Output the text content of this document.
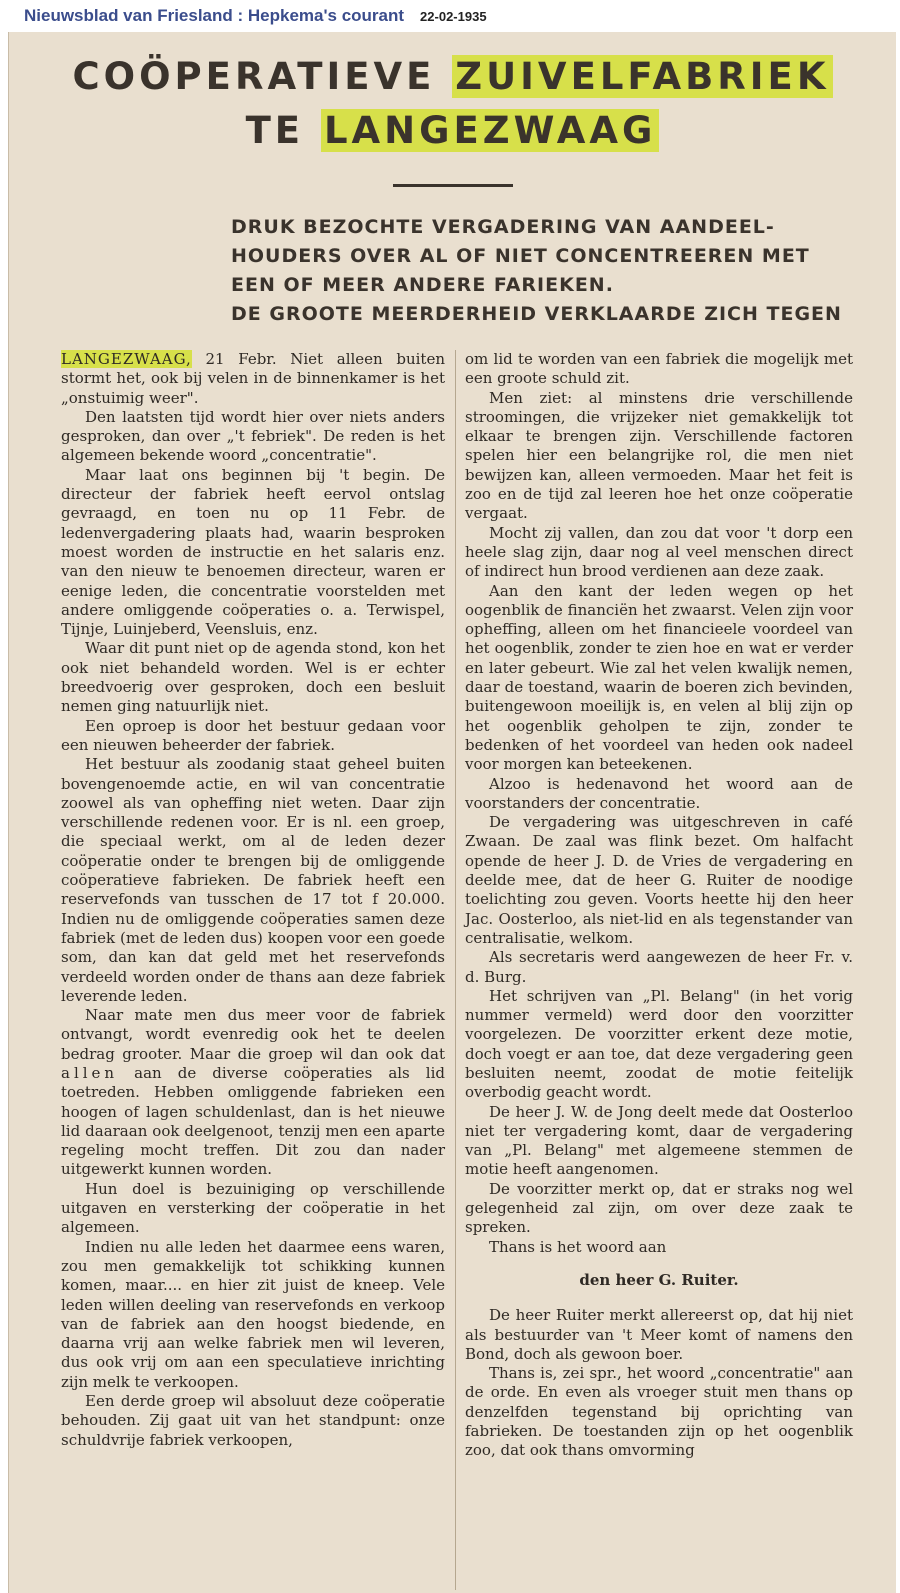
Nieuwsblad van Friesland : Hepkema's courant 22-02-1935
COÖPERATIEVE ZUIVELFABRIEK
TE LANGEZWAAG
DRUK BEZOCHTE VERGADERING VAN AANDEEL-
HOUDERS OVER AL OF NIET CONCENTREEREN MET
EEN OF MEER ANDERE FARIEKEN.
DE GROOTE MEERDERHEID VERKLAARDE ZICH TEGEN

LANGEZWAAG, 21 Febr. Niet alleen buiten stormt het, ook bij velen in de binnenkamer is het „onstuimig weer".

Den laatsten tijd wordt hier over niets anders gesproken, dan over „'t febriek". De reden is het algemeen bekende woord „concentratie".

Maar laat ons beginnen bij 't begin. De directeur der fabriek heeft eervol ontslag gevraagd, en toen nu op 11 Febr. de ledenvergadering plaats had, waarin besproken moest worden de instructie en het salaris enz. van den nieuw te benoemen directeur, waren er eenige leden, die concentratie voorstelden met andere omliggende coöperaties o. a. Terwispel, Tijnje, Luinjeberd, Veensluis, enz.

Waar dit punt niet op de agenda stond, kon het ook niet behandeld worden. Wel is er echter breedvoerig over gesproken, doch een besluit nemen ging natuurlijk niet.

Een oproep is door het bestuur gedaan voor een nieuwen beheerder der fabriek.

Het bestuur als zoodanig staat geheel buiten bovengenoemde actie, en wil van concentratie zoowel als van opheffing niet weten. Daar zijn verschillende redenen voor. Er is nl. een groep, die speciaal werkt, om al de leden dezer coöperatie onder te brengen bij de omliggende coöperatieve fabrieken. De fabriek heeft een reservefonds van tusschen de 17 tot f 20.000. Indien nu de omliggende coöperaties samen deze fabriek (met de leden dus) koopen voor een goede som, dan kan dat geld met het reservefonds verdeeld worden onder de thans aan deze fabriek leverende leden.

Naar mate men dus meer voor de fabriek ontvangt, wordt evenredig ook het te deelen bedrag grooter. Maar die groep wil dan ook dat allen aan de diverse coöperaties als lid toetreden. Hebben omliggende fabrieken een hoogen of lagen schuldenlast, dan is het nieuwe lid daaraan ook deelgenoot, tenzij men een aparte regeling mocht treffen. Dit zou dan nader uitgewerkt kunnen worden.

Hun doel is bezuiniging op verschillende uitgaven en versterking der coöperatie in het algemeen.

Indien nu alle leden het daarmee eens waren, zou men gemakkelijk tot schikking kunnen komen, maar.... en hier zit juist de kneep. Vele leden willen deeling van reservefonds en verkoop van de fabriek aan den hoogst biedende, en daarna vrij aan welke fabriek men wil leveren, dus ook vrij om aan een speculatieve inrichting zijn melk te verkoopen.

Een derde groep wil absoluut deze coöperatie behouden. Zij gaat uit van het standpunt: onze schuldvrije fabriek verkoopen,

om lid te worden van een fabriek die mogelijk met een groote schuld zit.

Men ziet: al minstens drie verschillende stroomingen, die vrijzeker niet gemakkelijk tot elkaar te brengen zijn. Verschillende factoren spelen hier een belangrijke rol, die men niet bewijzen kan, alleen vermoeden. Maar het feit is zoo en de tijd zal leeren hoe het onze coöperatie vergaat.

Mocht zij vallen, dan zou dat voor 't dorp een heele slag zijn, daar nog al veel menschen direct of indirect hun brood verdienen aan deze zaak.

Aan den kant der leden wegen op het oogenblik de financiën het zwaarst. Velen zijn voor opheffing, alleen om het financieele voordeel van het oogenblik, zonder te zien hoe en wat er verder en later gebeurt. Wie zal het velen kwalijk nemen, daar de toestand, waarin de boeren zich bevinden, buitengewoon moeilijk is, en velen al blij zijn op het oogenblik geholpen te zijn, zonder te bedenken of het voordeel van heden ook nadeel voor morgen kan beteekenen.

Alzoo is hedenavond het woord aan de voorstanders der concentratie.

De vergadering was uitgeschreven in café Zwaan. De zaal was flink bezet. Om halfacht opende de heer J. D. de Vries de vergadering en deelde mee, dat de heer G. Ruiter de noodige toelichting zou geven. Voorts heette hij den heer Jac. Oosterloo, als niet-lid en als tegenstander van centralisatie, welkom.

Als secretaris werd aangewezen de heer Fr. v. d. Burg.

Het schrijven van „Pl. Belang" (in het vorig nummer vermeld) werd door den voorzitter voorgelezen. De voorzitter erkent deze motie, doch voegt er aan toe, dat deze vergadering geen besluiten neemt, zoodat de motie feitelijk overbodig geacht wordt.

De heer J. W. de Jong deelt mede dat Oosterloo niet ter vergadering komt, daar de vergadering van „Pl. Belang" met algemeene stemmen de motie heeft aangenomen.

De voorzitter merkt op, dat er straks nog wel gelegenheid zal zijn, om over deze zaak te spreken.

Thans is het woord aan

den heer G. Ruiter.

De heer Ruiter merkt allereerst op, dat hij niet als bestuurder van 't Meer komt of namens den Bond, doch als gewoon boer.

Thans is, zei spr., het woord „concentratie" aan de orde. En even als vroeger stuit men thans op denzelfden tegenstand bij oprichting van fabrieken. De toestanden zijn op het oogenblik zoo, dat ook thans omvorming
